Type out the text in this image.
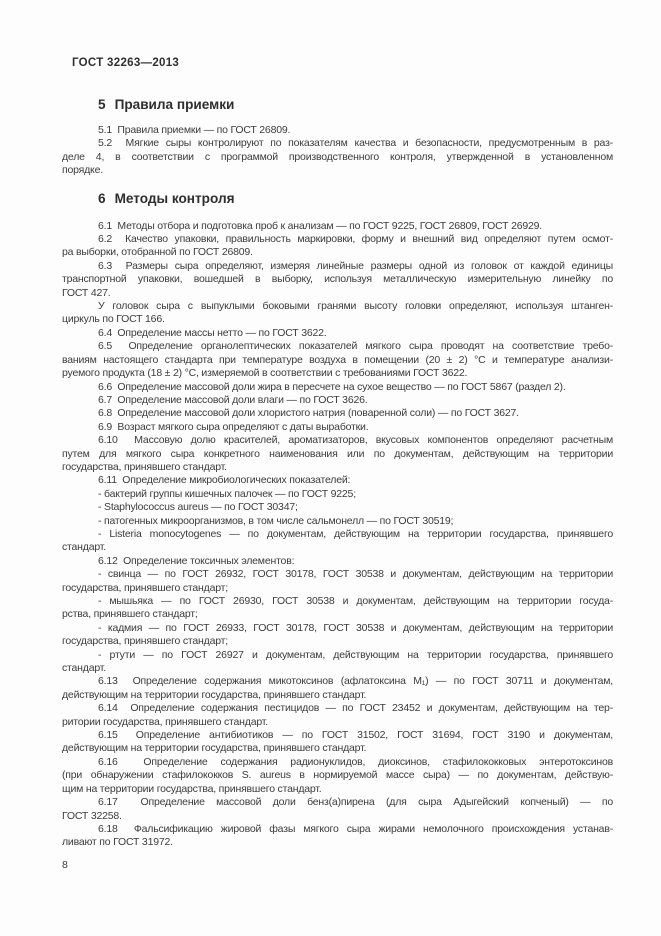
ГОСТ 32263—2013
5 Правила приемки
5.1  Правила приемки — по ГОСТ 26809.
5.2  Мягкие сыры контролируют по показателям качества и безопасности, предусмотренным в раз-
деле 4, в соответствии с программой производственного контроля, утвержденной в установленном
порядке.
6 Методы контроля
6.1  Методы отбора и подготовка проб к анализам — по ГОСТ 9225, ГОСТ 26809, ГОСТ 26929.
6.2  Качество упаковки, правильность маркировки, форму и внешний вид определяют путем осмот-
ра выборки, отобранной по ГОСТ 26809.
6.3  Размеры сыра определяют, измеряя линейные размеры одной из головок от каждой единицы
транспортной упаковки, вошедшей в выборку, используя металлическую измерительную линейку по
ГОСТ 427.
У головок сыра с выпуклыми боковыми гранями высоту головки определяют, используя штанген-
циркуль по ГОСТ 166.
6.4  Определение массы нетто — по ГОСТ 3622.
6.5  Определение органолептических показателей мягкого сыра проводят на соответствие требо-
ваниям настоящего стандарта при температуре воздуха в помещении (20 ± 2) °С и температуре анализи-
руемого продукта (18 ± 2) °С, измеряемой в соответствии с требованиями ГОСТ 3622.
6.6  Определение массовой доли жира в пересчете на сухое вещество — по ГОСТ 5867 (раздел 2).
6.7  Определение массовой доли влаги — по ГОСТ 3626.
6.8  Определение массовой доли хлористого натрия (поваренной соли) — по ГОСТ 3627.
6.9  Возраст мягкого сыра определяют с даты выработки.
6.10  Массовую долю красителей, ароматизаторов, вкусовых компонентов определяют расчетным
путем для мягкого сыра конкретного наименования или по документам, действующим на территории
государства, принявшего стандарт.
6.11  Определение микробиологических показателей:
- бактерий группы кишечных палочек — по ГОСТ 9225;
- Staphylococcus aureus — по ГОСТ 30347;
- патогенных микроорганизмов, в том числе сальмонелл — по ГОСТ 30519;
- Listeria monocytogenes — по документам, действующим на территории государства, принявшего
стандарт.
6.12  Определение токсичных элементов:
- свинца — по ГОСТ 26932, ГОСТ 30178, ГОСТ 30538 и документам, действующим на территории
государства, принявшего стандарт;
- мышьяка — по ГОСТ 26930, ГОСТ 30538 и документам, действующим на территории госуда-
рства, принявшего стандарт;
- кадмия — по ГОСТ 26933, ГОСТ 30178, ГОСТ 30538 и документам, действующим на территории
государства, принявшего стандарт;
- ртути — по ГОСТ 26927 и документам, действующим на территории государства, принявшего
стандарт.
6.13  Определение содержания микотоксинов (афлатоксина М₁) — по ГОСТ 30711 и документам,
действующим на территории государства, принявшего стандарт.
6.14  Определение содержания пестицидов — по ГОСТ 23452 и документам, действующим на тер-
ритории государства, принявшего стандарт.
6.15  Определение антибиотиков — по ГОСТ 31502, ГОСТ 31694, ГОСТ 3190 и документам,
действующим на территории государства, принявшего стандарт.
6.16  Определение содержания радионуклидов, диоксинов, стафилококковых энтеротоксинов
(при обнаружении стафилококков S. aureus в нормируемой массе сыра) — по документам, действую-
щим на территории государства, принявшего стандарт.
6.17  Определение массовой доли бенз(а)пирена (для сыра Адыгейский копченый) — по
ГОСТ 32258.
6.18  Фальсификацию жировой фазы мягкого сыра жирами немолочного происхождения устанав-
ливают по ГОСТ 31972.
8
